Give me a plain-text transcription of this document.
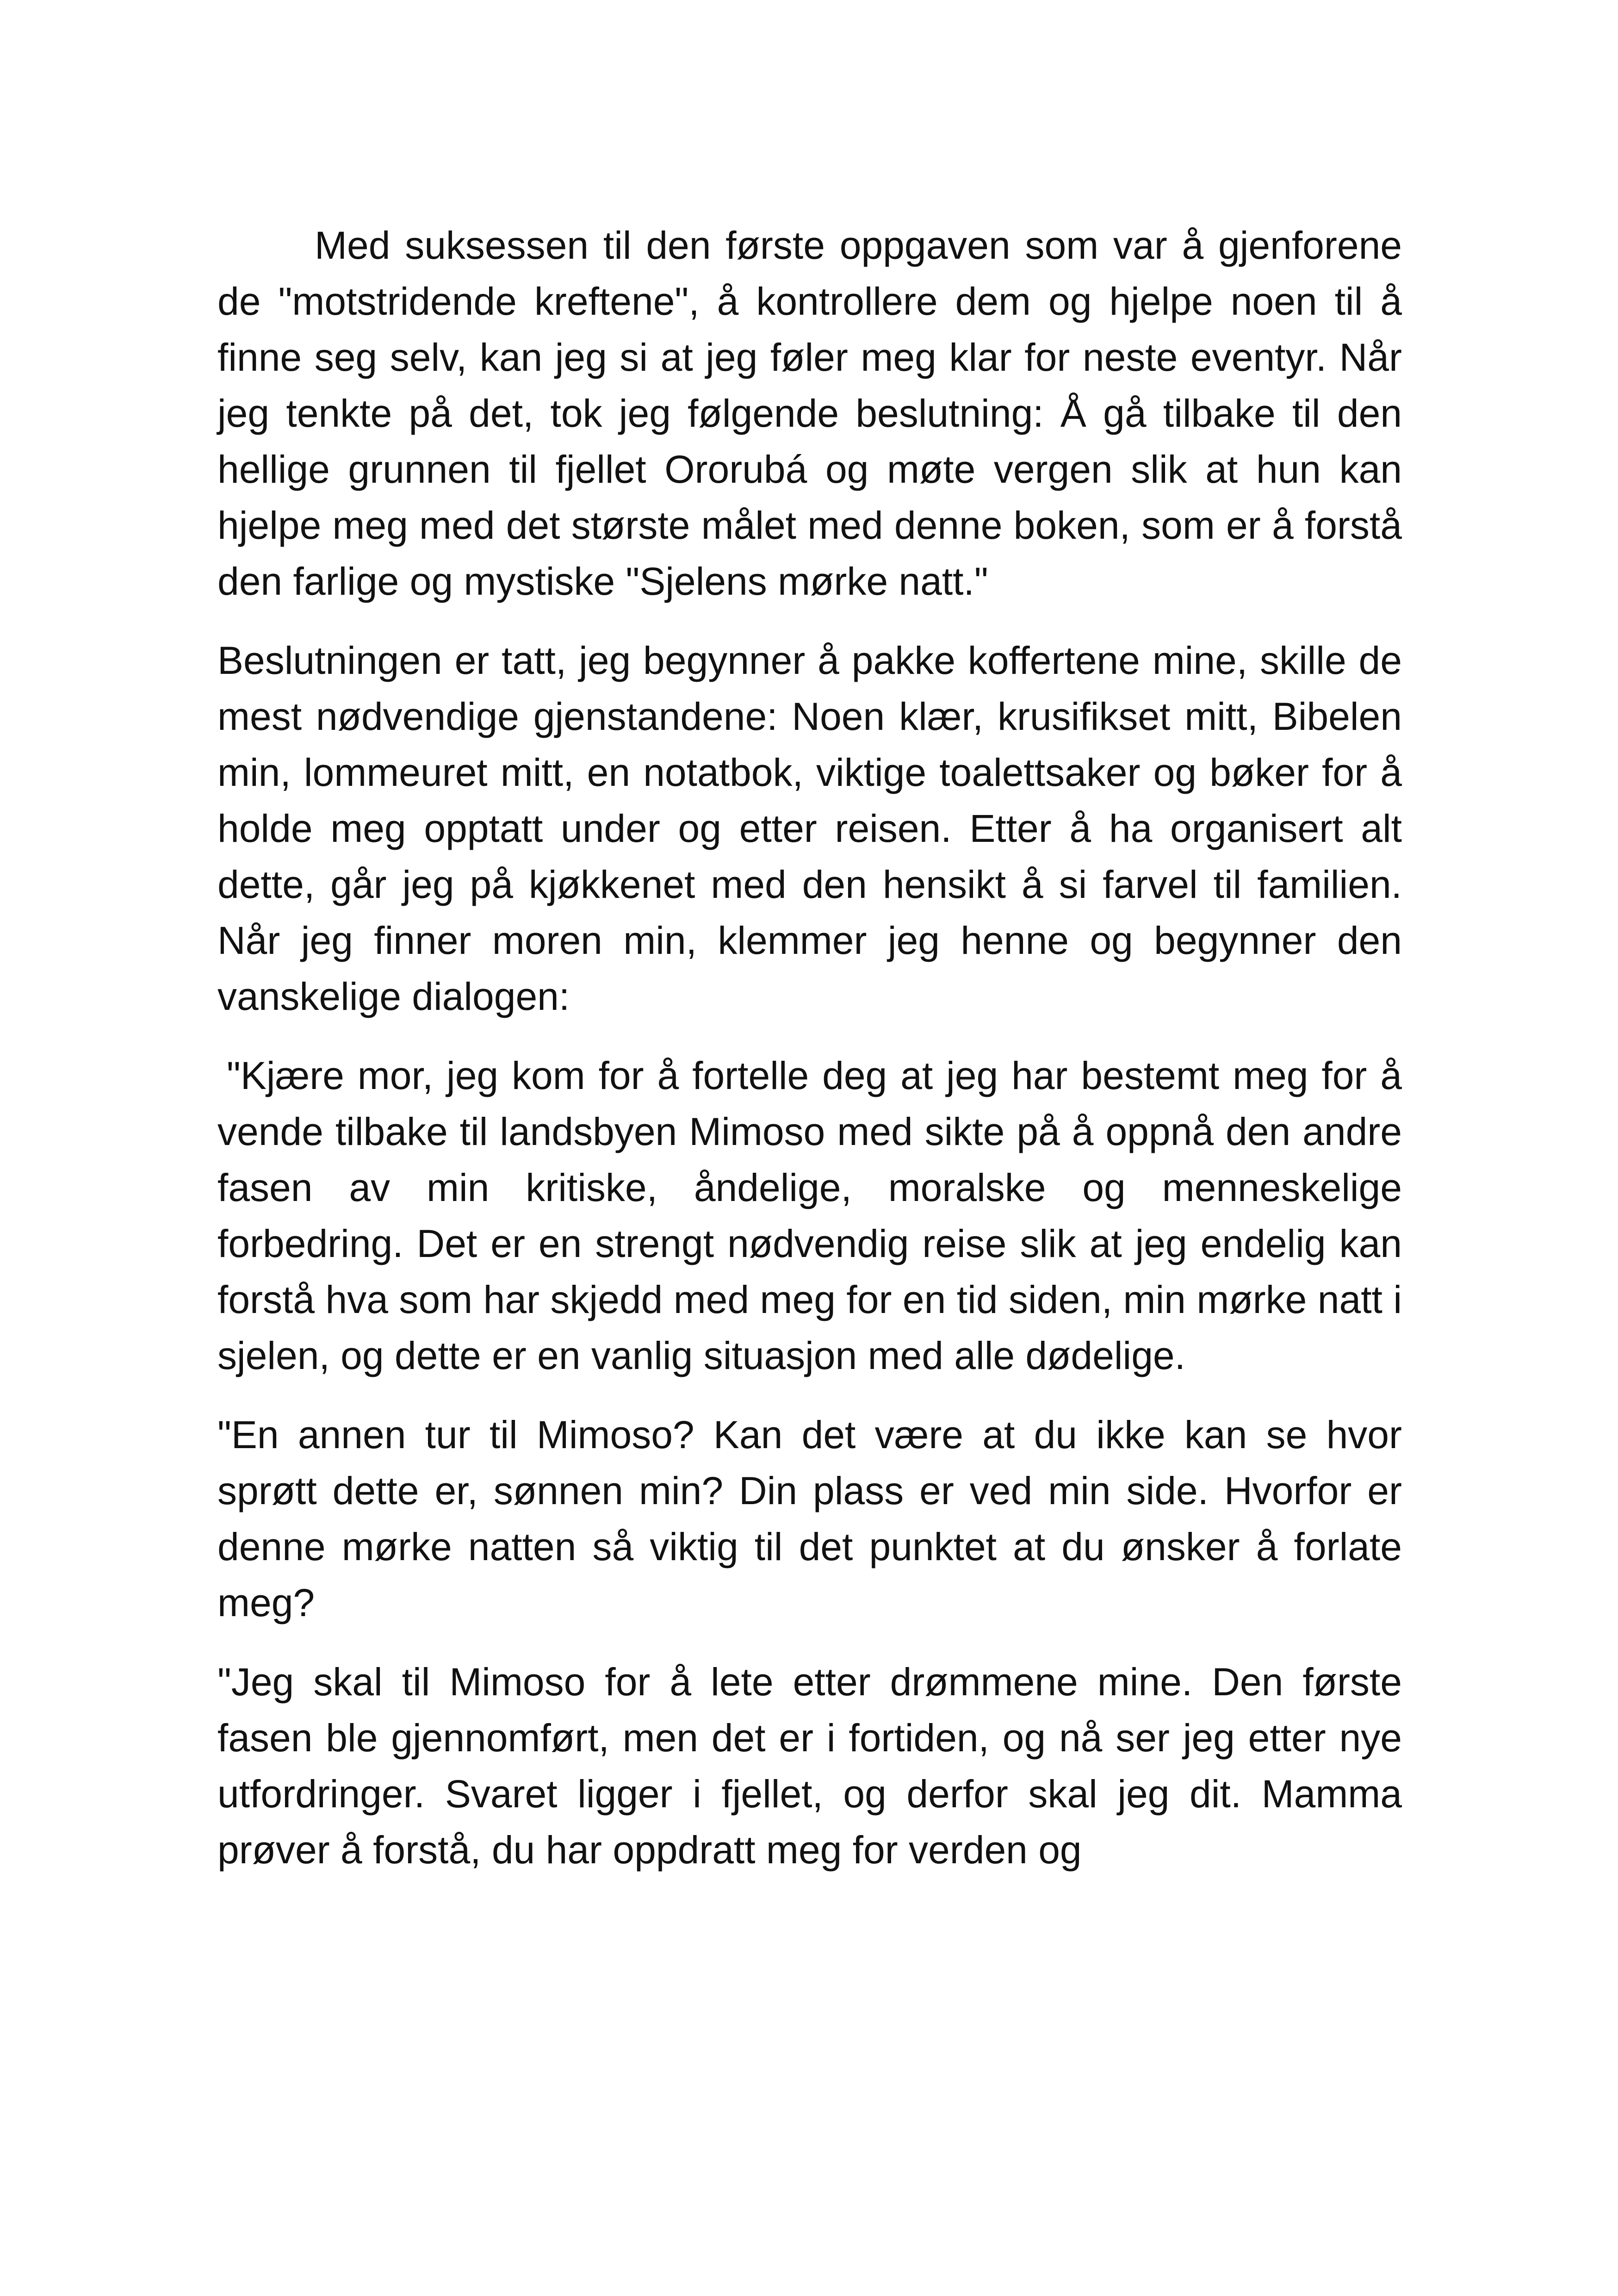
Med suksessen til den første oppgaven som var å gjenforene de "motstridende kreftene", å kontrollere dem og hjelpe noen til å finne seg selv, kan jeg si at jeg føler meg klar for neste eventyr. Når jeg tenkte på det, tok jeg følgende beslutning: Å gå tilbake til den hellige grunnen til fjellet Ororubá og møte vergen slik at hun kan hjelpe meg med det største målet med denne boken, som er å forstå den farlige og mystiske "Sjelens mørke natt."

Beslutningen er tatt, jeg begynner å pakke koffertene mine, skille de mest nødvendige gjenstandene: Noen klær, krusifikset mitt, Bibelen min, lommeuret mitt, en notatbok, viktige toalettsaker og bøker for å holde meg opptatt under og etter reisen. Etter å ha organisert alt dette, går jeg på kjøkkenet med den hensikt å si farvel til familien. Når jeg finner moren min, klemmer jeg henne og begynner den vanskelige dialogen:

"Kjære mor, jeg kom for å fortelle deg at jeg har bestemt meg for å vende tilbake til landsbyen Mimoso med sikte på å oppnå den andre fasen av min kritiske, åndelige, moralske og menneskelige forbedring. Det er en strengt nødvendig reise slik at jeg endelig kan forstå hva som har skjedd med meg for en tid siden, min mørke natt i sjelen, og dette er en vanlig situasjon med alle dødelige.

"En annen tur til Mimoso? Kan det være at du ikke kan se hvor sprøtt dette er, sønnen min? Din plass er ved min side. Hvorfor er denne mørke natten så viktig til det punktet at du ønsker å forlate meg?

"Jeg skal til Mimoso for å lete etter drømmene mine. Den første fasen ble gjennomført, men det er i fortiden, og nå ser jeg etter nye utfordringer. Svaret ligger i fjellet, og derfor skal jeg dit. Mamma prøver å forstå, du har oppdratt meg for verden og
